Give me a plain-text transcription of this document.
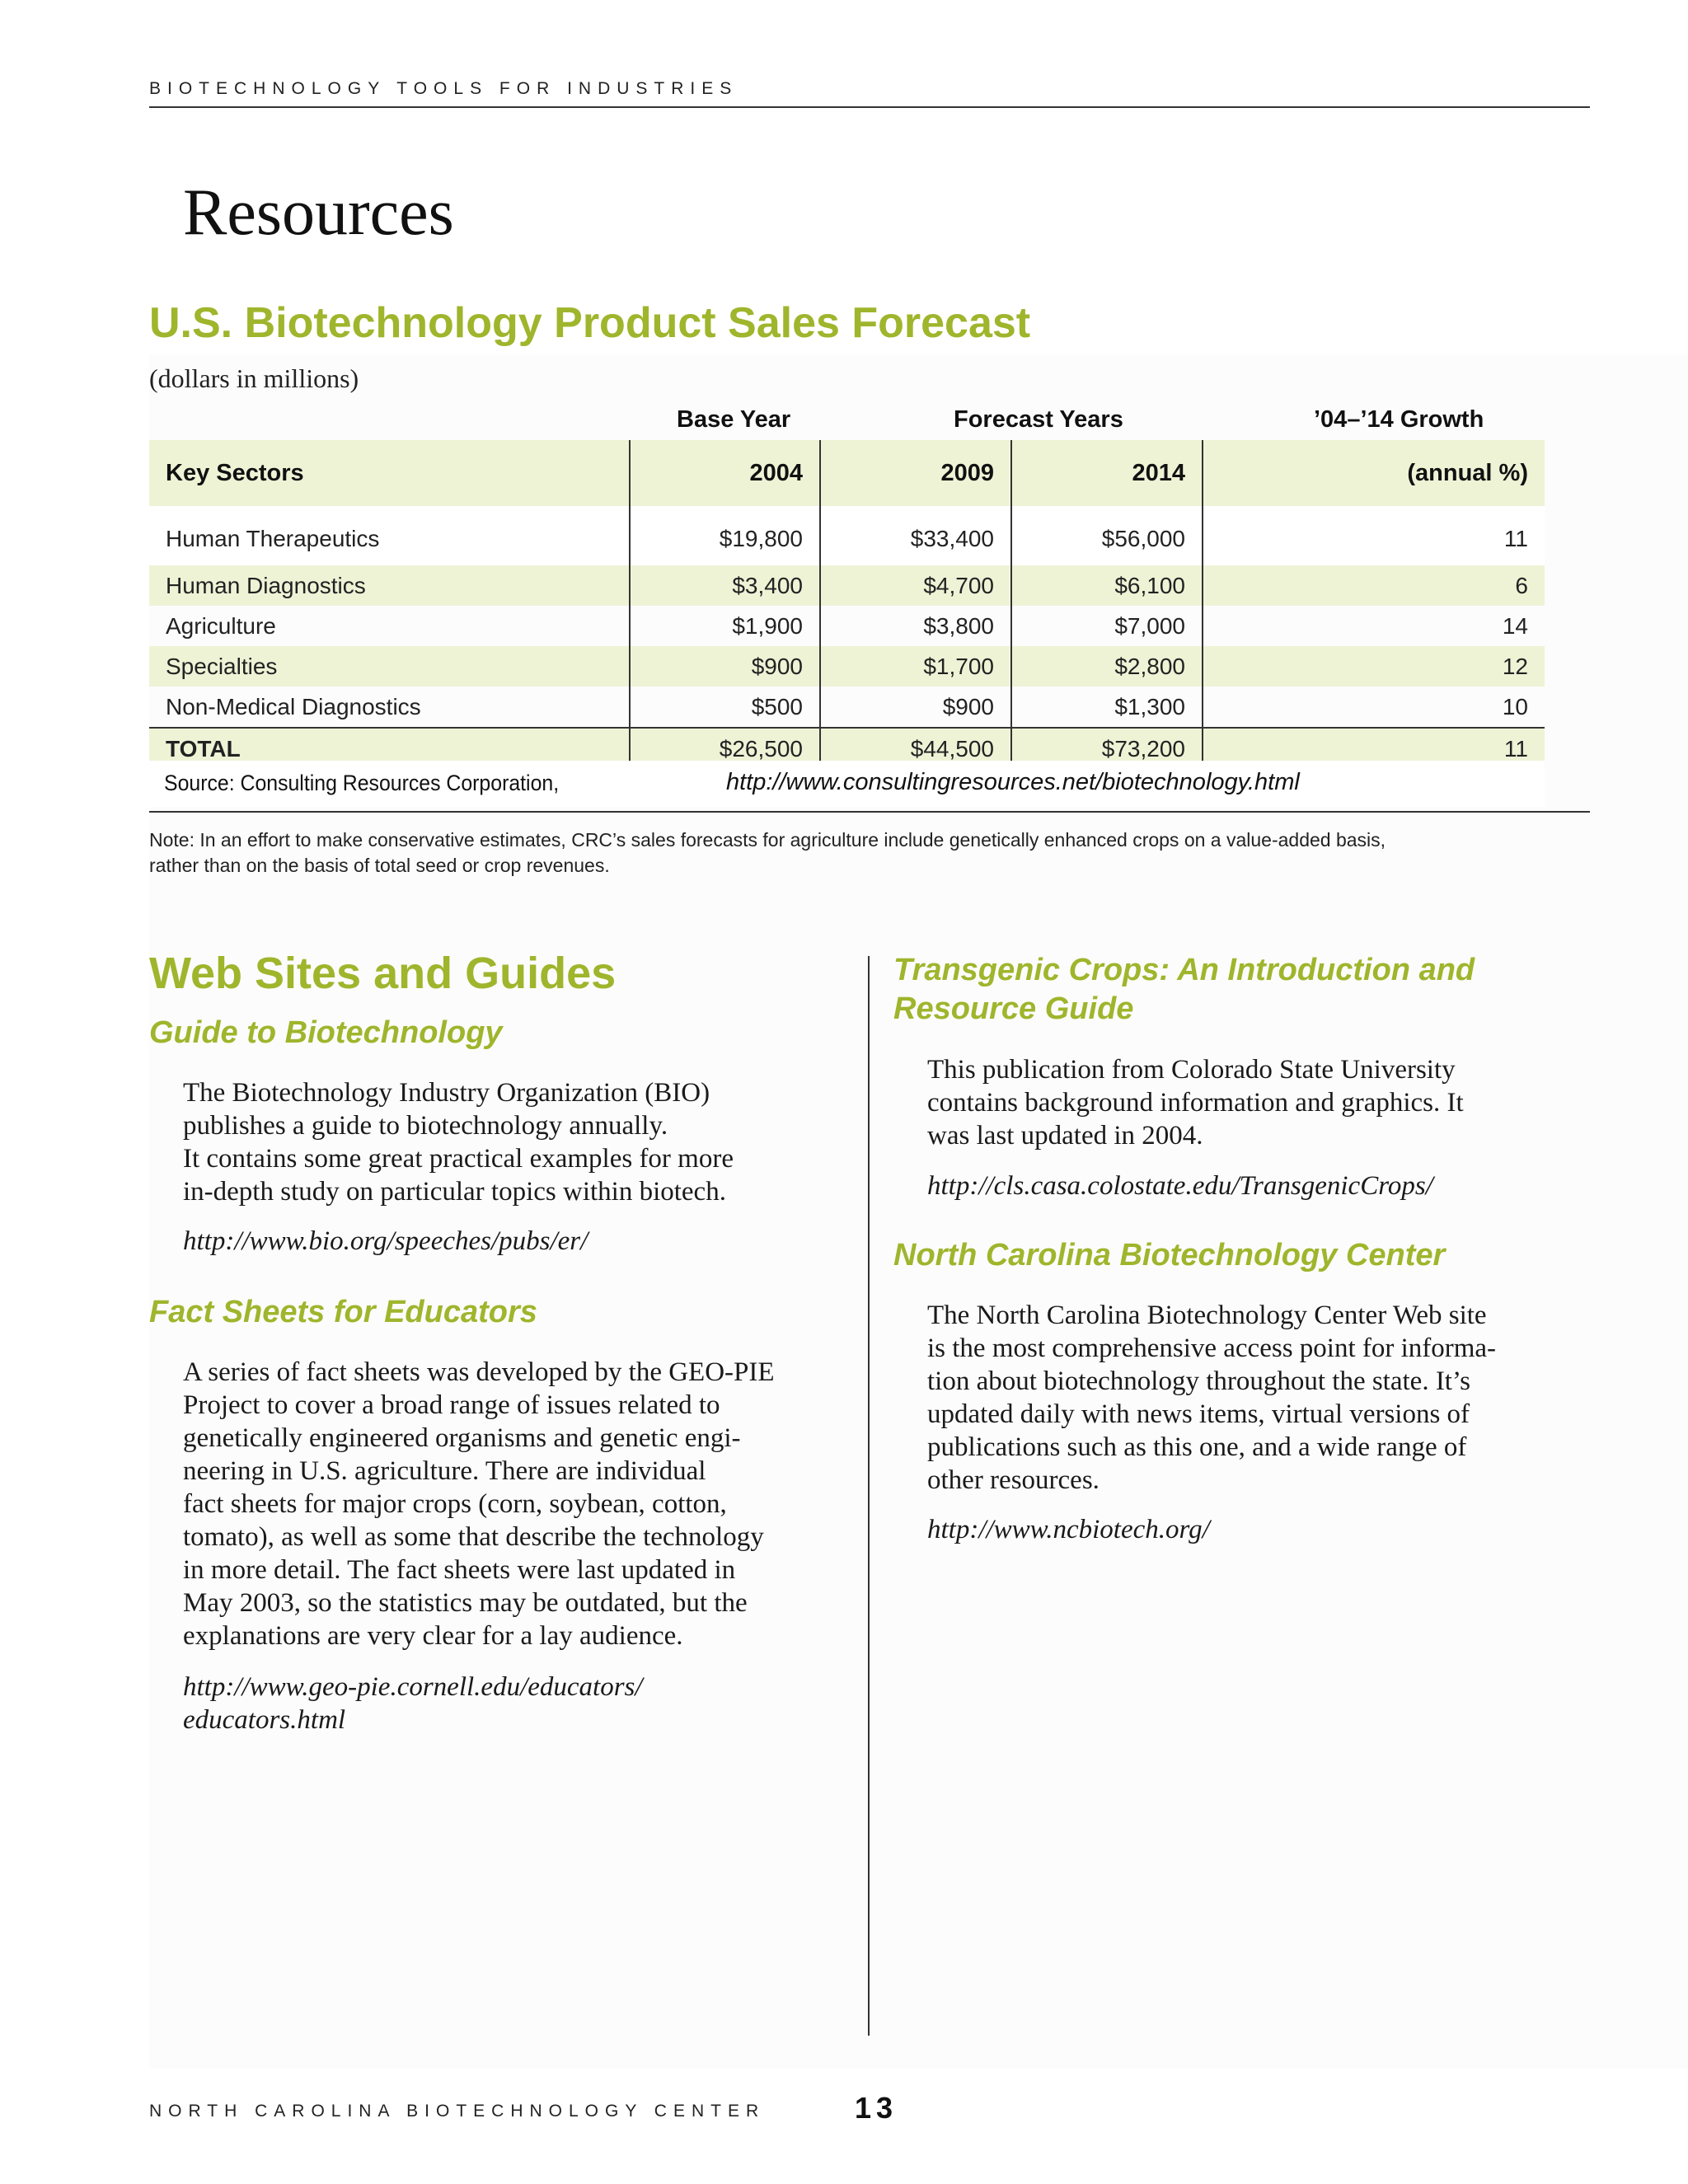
BIOTECHNOLOGY TOOLS FOR INDUSTRIES
Resources
U.S. Biotechnology Product Sales Forecast
(dollars in millions)
Base Year	Forecast Years	’04–’14 Growth
Key Sectors	2004	2009	2014	(annual %)
Human Therapeutics	$19,800	$33,400	$56,000	11
Human Diagnostics	$3,400	$4,700	$6,100	6
Agriculture	$1,900	$3,800	$7,000	14
Specialties	$900	$1,700	$2,800	12
Non-Medical Diagnostics	$500	$900	$1,300	10
TOTAL	$26,500	$44,500	$73,200	11
Source: Consulting Resources Corporation,	http://www.consultingresources.net/biotechnology.html
Note: In an effort to make conservative estimates, CRC’s sales forecasts for agriculture include genetically enhanced crops on a value-added basis,
rather than on the basis of total seed or crop revenues.
Web Sites and Guides
Guide to Biotechnology

The Biotechnology Industry Organization (BIO)

publishes a guide to biotechnology annually.

It contains some great practical examples for more

in-depth study on particular topics within biotech.

http://www.bio.org/speeches/pubs/er/
Fact Sheets for Educators

A series of fact sheets was developed by the GEO-PIE

Project to cover a broad range of issues related to

genetically engineered organisms and genetic engi-

neering in U.S. agriculture. There are individual

fact sheets for major crops (corn, soybean, cotton,

tomato), as well as some that describe the technology

in more detail. The fact sheets were last updated in

May 2003, so the statistics may be outdated, but the

explanations are very clear for a lay audience.

http://www.geo-pie.cornell.edu/educators/
educators.html
Transgenic Crops: An Introduction and
Resource Guide

This publication from Colorado State University

contains background information and graphics. It

was last updated in 2004.

http://cls.casa.colostate.edu/TransgenicCrops/
North Carolina Biotechnology Center

The North Carolina Biotechnology Center Web site

is the most comprehensive access point for informa-

tion about biotechnology throughout the state. It’s

updated daily with news items, virtual versions of

publications such as this one, and a wide range of

other resources.

http://www.ncbiotech.org/
NORTH CAROLINA BIOTECHNOLOGY CENTER	13
